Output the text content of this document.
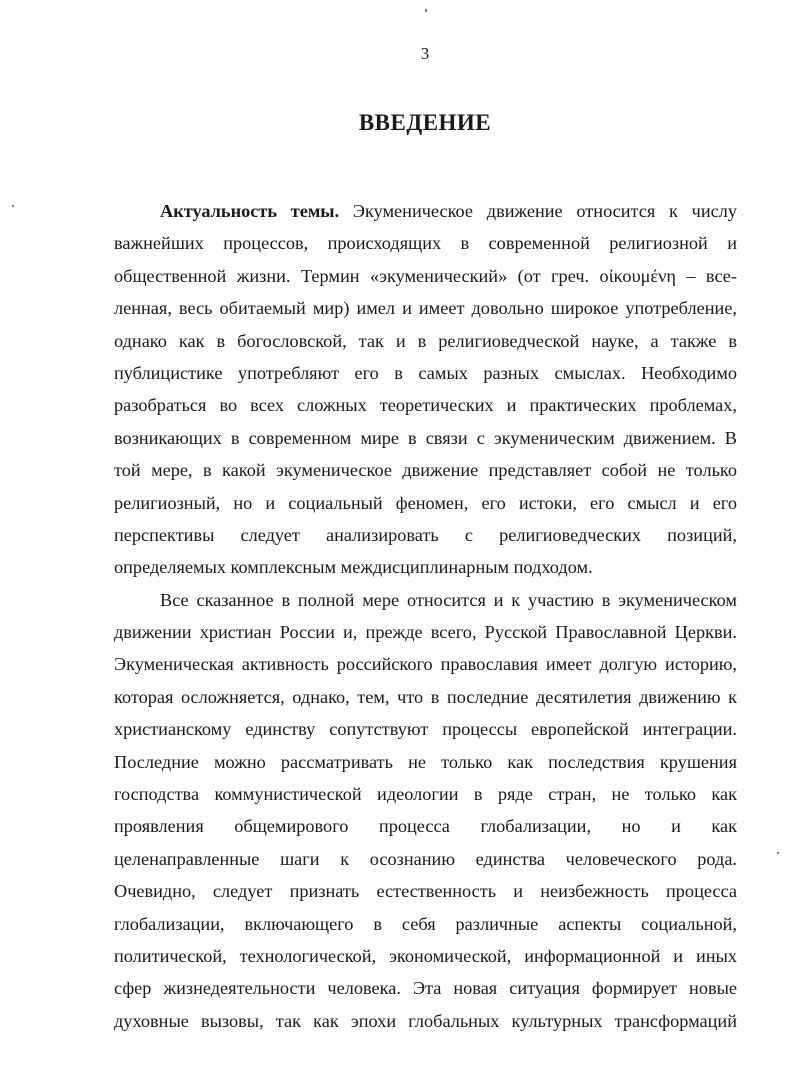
3
ВВЕДЕНИЕ
Актуальность темы. Экуменическое движение относится к числу
важнейших процессов, происходящих в современной религиозной и
общественной жизни. Термин «экуменический» (от греч. οἰκουμένη – все-
ленная, весь обитаемый мир) имел и имеет довольно широкое употребление,
однако как в богословской, так и в религиоведческой науке, а также в
публицистике употребляют его в самых разных смыслах. Необходимо
разобраться во всех сложных теоретических и практических проблемах,
возникающих в современном мире в связи с экуменическим движением. В
той мере, в какой экуменическое движение представляет собой не только
религиозный, но и социальный феномен, его истоки, его смысл и его
перспективы следует анализировать с религиоведческих позиций,
определяемых комплексным междисциплинарным подходом.
Все сказанное в полной мере относится и к участию в экуменическом
движении христиан России и, прежде всего, Русской Православной Церкви.
Экуменическая активность российского православия имеет долгую историю,
которая осложняется, однако, тем, что в последние десятилетия движению к
христианскому единству сопутствуют процессы европейской интеграции.
Последние можно рассматривать не только как последствия крушения
господства коммунистической идеологии в ряде стран, не только как
проявления общемирового процесса глобализации, но и как
целенаправленные шаги к осознанию единства человеческого рода.
Очевидно, следует признать естественность и неизбежность процесса
глобализации, включающего в себя различные аспекты социальной,
политической, технологической, экономической, информационной и иных
сфер жизнедеятельности человека. Эта новая ситуация формирует новые
духовные вызовы, так как эпохи глобальных культурных трансформаций
